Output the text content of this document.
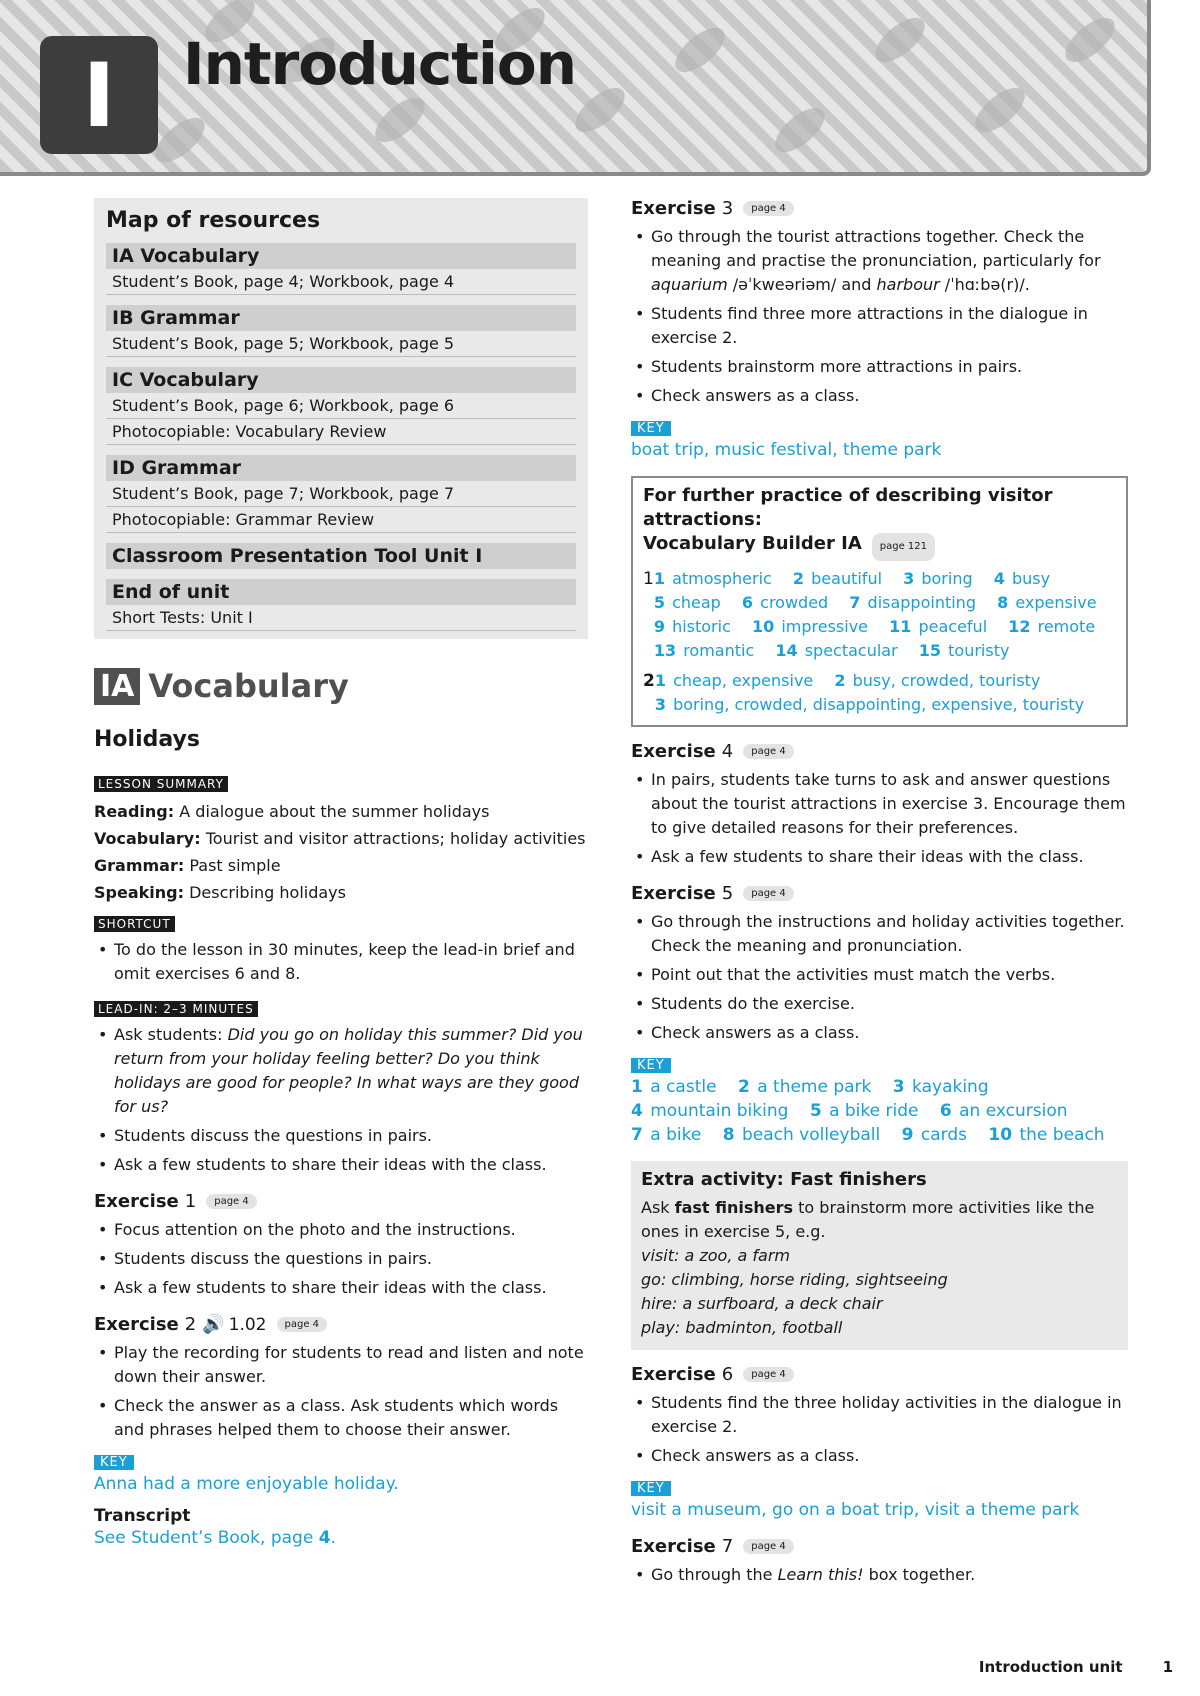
I	Introduction
Map of resources
IA Vocabulary
Student’s Book, page 4; Workbook, page 4
IB Grammar
Student’s Book, page 5; Workbook, page 5
IC Vocabulary
Student’s Book, page 6; Workbook, page 6
Photocopiable: Vocabulary Review
ID Grammar
Student’s Book, page 7; Workbook, page 7
Photocopiable: Grammar Review
Classroom Presentation Tool Unit I
End of unit
Short Tests: Unit I
IA Vocabulary
Holidays
LESSON SUMMARY
Reading: A dialogue about the summer holidays
Vocabulary: Tourist and visitor attractions; holiday activities
Grammar: Past simple
Speaking: Describing holidays
SHORTCUT
• To do the lesson in 30 minutes, keep the lead-in brief and omit exercises 6 and 8.
LEAD-IN: 2–3 MINUTES
• Ask students: Did you go on holiday this summer? Did you return from your holiday feeling better? Do you think holidays are good for people? In what ways are they good for us?
• Students discuss the questions in pairs.
• Ask a few students to share their ideas with the class.
Exercise 1	page 4
• Focus attention on the photo and the instructions.
• Students discuss the questions in pairs.
• Ask a few students to share their ideas with the class.
Exercise 2 🔊 1.02	page 4
• Play the recording for students to read and listen and note down their answer.
• Check the answer as a class. Ask students which words and phrases helped them to choose their answer.
KEY
Anna had a more enjoyable holiday.
Transcript
See Student’s Book, page 4.
Exercise 3	page 4
• Go through the tourist attractions together. Check the meaning and practise the pronunciation, particularly for aquarium /əˈkweəriəm/ and harbour /ˈhɑːbə(r)/.
• Students find three more attractions in the dialogue in exercise 2.
• Students brainstorm more attractions in pairs.
• Check answers as a class.
KEY
boat trip, music festival, theme park
For further practice of describing visitor attractions:
Vocabulary Builder IA page 121
1 1 atmospheric 2 beautiful 3 boring 4 busy 5 cheap 6 crowded 7 disappointing 8 expensive 9 historic 10 impressive 11 peaceful 12 remote 13 romantic 14 spectacular 15 touristy
2 1 cheap, expensive 2 busy, crowded, touristy 3 boring, crowded, disappointing, expensive, touristy
Exercise 4	page 4
• In pairs, students take turns to ask and answer questions about the tourist attractions in exercise 3. Encourage them to give detailed reasons for their preferences.
• Ask a few students to share their ideas with the class.
Exercise 5	page 4
• Go through the instructions and holiday activities together. Check the meaning and pronunciation.
• Point out that the activities must match the verbs.
• Students do the exercise.
• Check answers as a class.
KEY
1 a castle 2 a theme park 3 kayaking 4 mountain biking 5 a bike ride 6 an excursion 7 a bike 8 beach volleyball 9 cards 10 the beach
Extra activity: Fast finishers
Ask fast finishers to brainstorm more activities like the ones in exercise 5, e.g.
visit: a zoo, a farm
go: climbing, horse riding, sightseeing
hire: a surfboard, a deck chair
play: badminton, football
Exercise 6	page 4
• Students find the three holiday activities in the dialogue in exercise 2.
• Check answers as a class.
KEY
visit a museum, go on a boat trip, visit a theme park
Exercise 7	page 4
• Go through the Learn this! box together.
Introduction unit	1
